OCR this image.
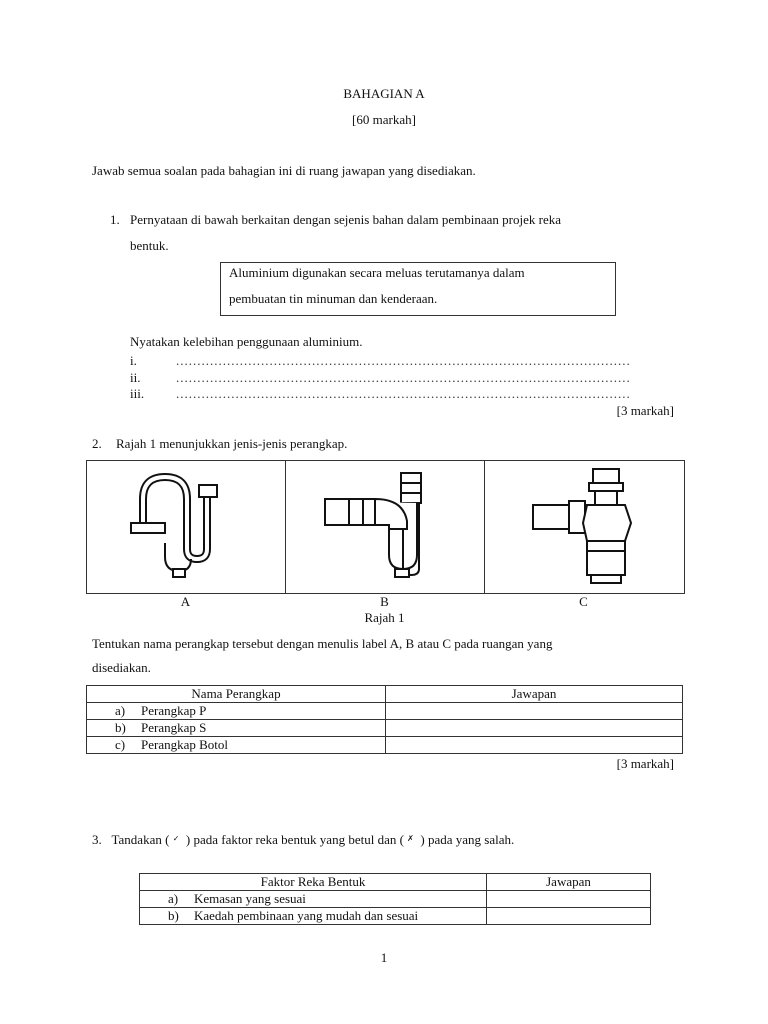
BAHAGIAN A
[60 markah]
Jawab semua soalan pada bahagian ini di ruang jawapan yang disediakan.
1. Pernyataan di bawah berkaitan dengan sejenis bahan dalam pembinaan projek reka
bentuk.
Aluminium digunakan secara meluas terutamanya dalam
pembuatan tin minuman dan kenderaan.
Nyatakan kelebihan penggunaan aluminium.
i.	...........................................................................................................
ii.	...........................................................................................................
iii. ...........................................................................................................
[3 markah]
2. Rajah 1 menunjukkan jenis-jenis perangkap.
A	B	C
Rajah 1
Tentukan nama perangkap tersebut dengan menulis label A, B atau C pada ruangan yang
disediakan.
Nama Perangkap	Jawapan
a) Perangkap P	
b) Perangkap S	
c) Perangkap Botol	
[3 markah]
3. Tandakan ( ✓ ) pada faktor reka bentuk yang betul dan ( ✗ ) pada yang salah.
Faktor Reka Bentuk	Jawapan
a) Kemasan yang sesuai	
b) Kaedah pembinaan yang mudah dan sesuai	
1
